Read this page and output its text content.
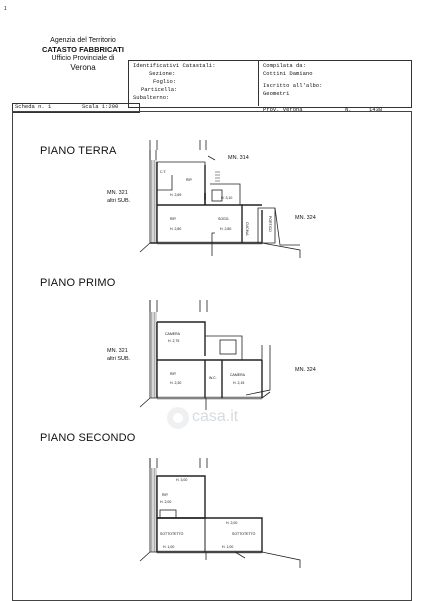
1
Agenzia del Territorio
CATASTO FABBRICATI
Ufficio Provinciale di
Verona	Identificativi Catastali:
Sezione:
Foglio:
Particella:
Subalterno:
Compilata da:
Cottini Damiano
Iscritto all'albo:
Geometri
Prov. Verona	N.	1438
Scheda n. 1	Scala 1:200
PIANO TERRA
MN. 314
MN. 321
altri SUB.
MN. 324
C.T.
RIP.
H. 2,69
H. 3,10
RIP.
H. 2,80
SOGG.
H. 2,80	CUCINA	PORTICO
PIANO PRIMO
MN. 321
altri SUB.
MN. 324
CAMERA
H. 2,75
RIP.
H. 2,30
W.C.
CAMERA
H. 2,15
casa.it
PIANO SECONDO
H. 3,00
RIP.
H. 2,00
SOTTOTETTO
H. 1,00
H. 2,00
SOTTOTETTO
H. 1,00
